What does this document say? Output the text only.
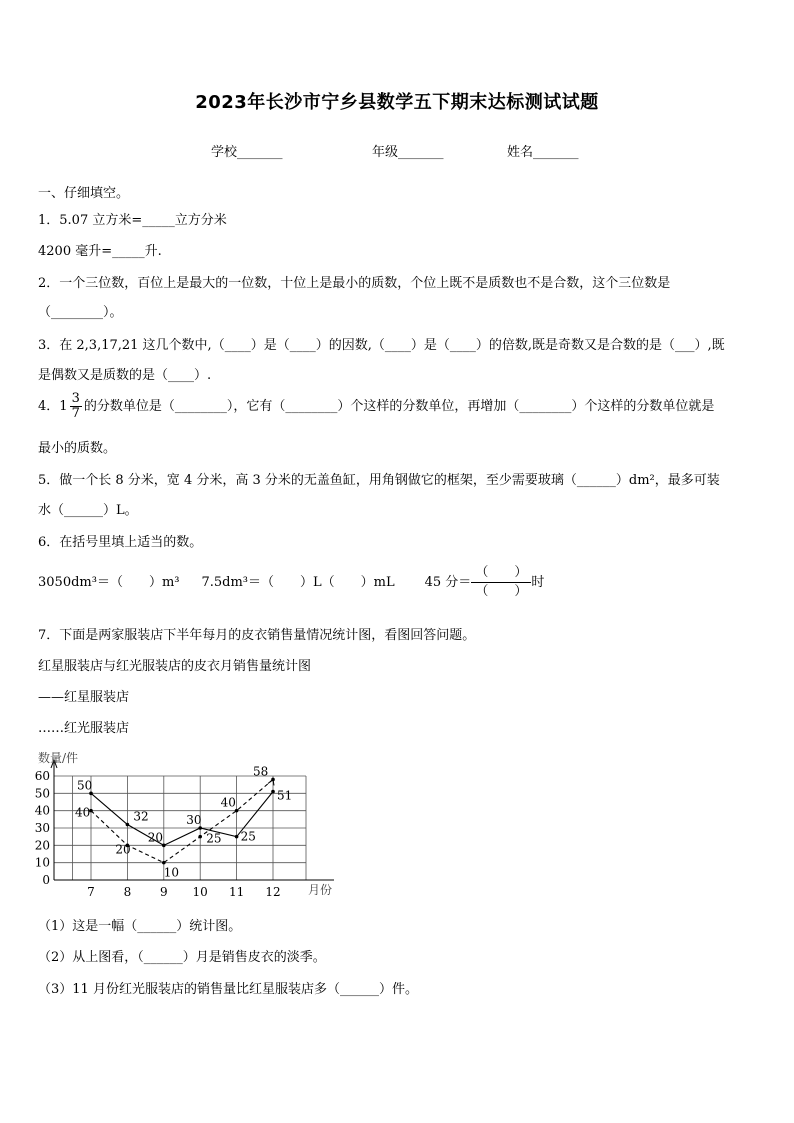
2023年长沙市宁乡县数学五下期末达标测试试题
学校_______	年级_______	姓名_______
一、仔细填空。
1．5.07 立方米=_____立方分米
4200 毫升=_____升.
2．一个三位数，百位上是最大的一位数，十位上是最小的质数，个位上既不是质数也不是合数，这个三位数是
（________）。
3．在 2,3,17,21 这几个数中,（____）是（____）的因数,（____）是（____）的倍数,既是奇数又是合数的是（___）,既
是偶数又是质数的是（____）.
4．$1 \frac{3}{7}$ 的分数单位是（________），它有（________）个这样的分数单位，再增加（________）个这样的分数单位就是
最小的质数。
5．做一个长 8 分米，宽 4 分米，高 3 分米的无盖鱼缸，用角钢做它的框架，至少需要玻璃（______）dm²，最多可装
水（______）L。
6．在括号里填上适当的数。
3050dm³＝（　　）m³ 7.5dm³＝（　　）L（　　）mL 45 分＝ $\frac{( )}{( )}$ 时
7．下面是两家服装店下半年每月的皮衣销售量情况统计图，看图回答问题。
红星服装店与红光服装店的皮衣月销售量统计图
——红星服装店
……红光服装店
数量/件
月份
0
10
20
30
40
50
60
7 8 9 10 11 12
50
32
20
30
25
51
40
20
10
25
40
58
（1）这是一幅（______）统计图。
（2）从上图看，（______）月是销售皮衣的淡季。
（3）11 月份红光服装店的销售量比红星服装店多（______）件。
